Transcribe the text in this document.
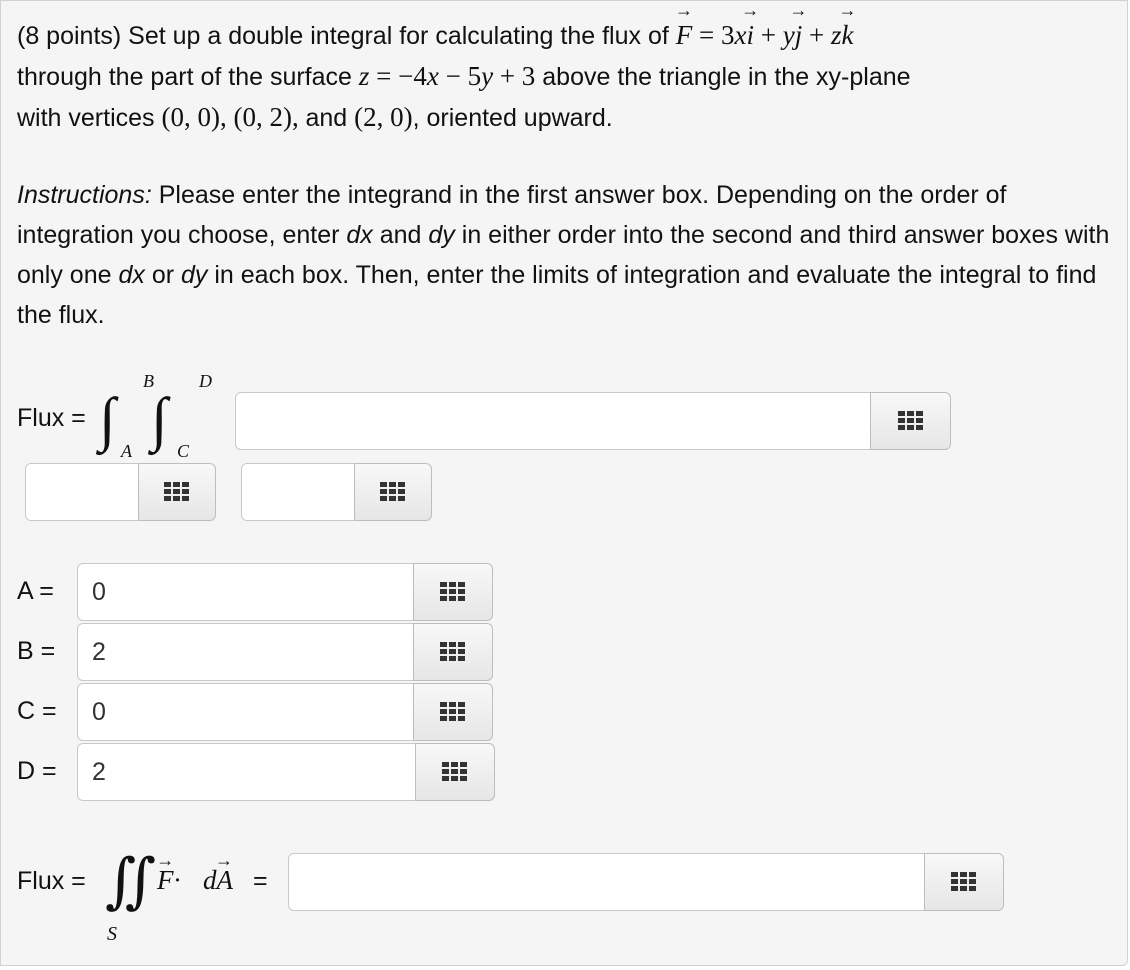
(8 points) Set up a double integral for calculating the flux of
→
F = 3x
→
i + y
→
j + z
→
k

through the part of the surface z = −4x − 5y + 3 above the triangle in the xy-plane

with vertices (0, 0), (0, 2), and (2, 0), oriented upward.

Instructions: Please enter the integrand in the first answer box. Depending on the order of integration you choose, enter dx and dy in either order into the second and third answer boxes with only one dx or dy in each box. Then, enter the limits of integration and evaluate the integral to find the flux.
Flux = ∫ ∫
B	D
A	C
A =	0
B =	2
C =	0
D =	2
Flux = ∬
S
→
F ·
→
dA =
